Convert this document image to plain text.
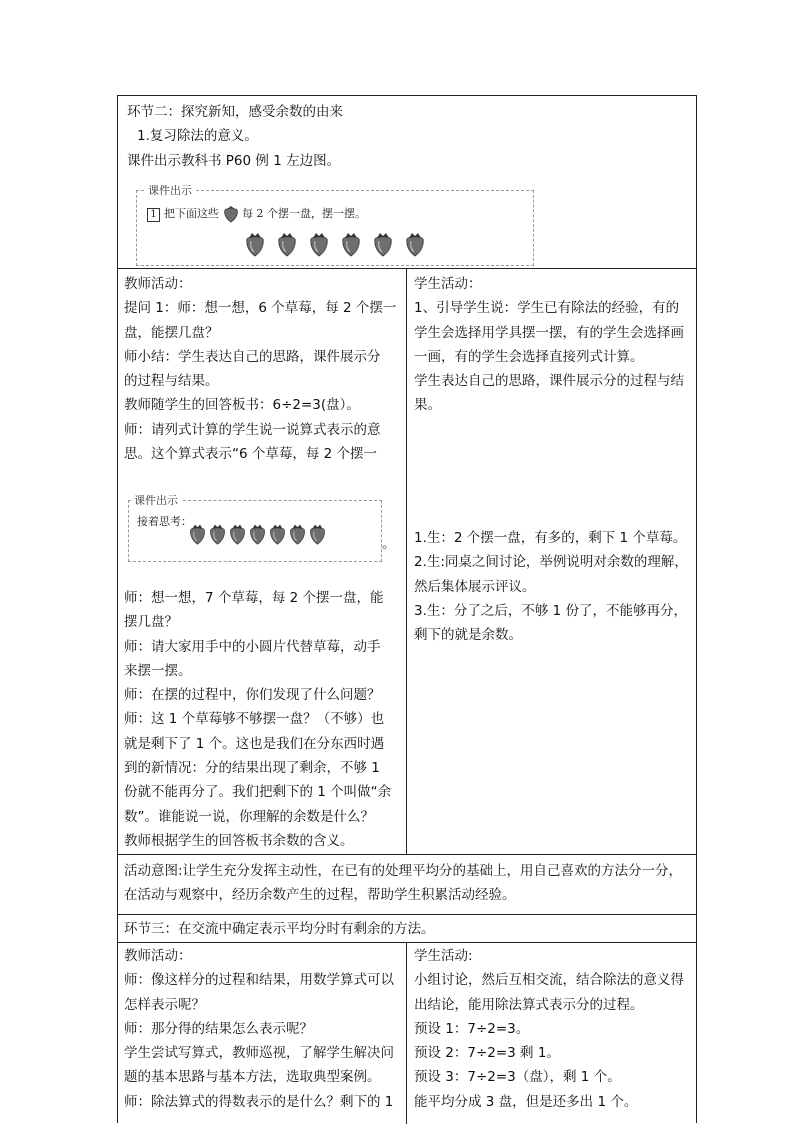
环节二：探究新知，感受余数的由来

1.复习除法的意义。

课件出示教科书 P60 例 1 左边图。

课件出示
1 把下面这些 每 2 个摆一盘，摆一摆。

教师活动：

提问 1：师：想一想，6 个草莓，每 2 个摆一

盘，能摆几盘？

师小结：学生表达自己的思路，课件展示分

的过程与结果。

教师随学生的回答板书：6÷2=3(盘）。

师：请列式计算的学生说一说算式表示的意

思。这个算式表示“6 个草莓，每 2 个摆一

课件出示
接着思考：
。

师：想一想，7 个草莓，每 2 个摆一盘，能

摆几盘？

师：请大家用手中的小圆片代替草莓，动手

来摆一摆。

师：在摆的过程中，你们发现了什么问题？

师：这 1 个草莓够不够摆一盘？（不够）也

就是剩下了 1 个。这也是我们在分东西时遇

到的新情况：分的结果出现了剩余，不够 1

份就不能再分了。我们把剩下的 1 个叫做“余

数”。谁能说一说，你理解的余数是什么？

教师根据学生的回答板书余数的含义。

学生活动：

1、引导学生说：学生已有除法的经验，有的

学生会选择用学具摆一摆，有的学生会选择画

一画，有的学生会选择直接列式计算。

学生表达自己的思路，课件展示分的过程与结

果。

1.生：2 个摆一盘，有多的，剩下 1 个草莓。

2.生:同桌之间讨论，举例说明对余数的理解，

然后集体展示评议。

3.生：分了之后，不够 1 份了，不能够再分，

剩下的就是余数。

活动意图:让学生充分发挥主动性，在已有的处理平均分的基础上，用自己喜欢的方法分一分，

在活动与观察中，经历余数产生的过程，帮助学生积累活动经验。

环节三：在交流中确定表示平均分时有剩余的方法。

教师活动：

师：像这样分的过程和结果，用数学算式可以

怎样表示呢？

师：那分得的结果怎么表示呢？

学生尝试写算式，教师巡视，了解学生解决问

题的基本思路与基本方法，选取典型案例。

师：除法算式的得数表示的是什么？剩下的 1

学生活动:

小组讨论，然后互相交流，结合除法的意义得

出结论，能用除法算式表示分的过程。

预设 1：7÷2=3。

预设 2：7÷2=3 剩 1。

预设 3：7÷2=3（盘），剩 1 个。

能平均分成 3 盘，但是还多出 1 个。
